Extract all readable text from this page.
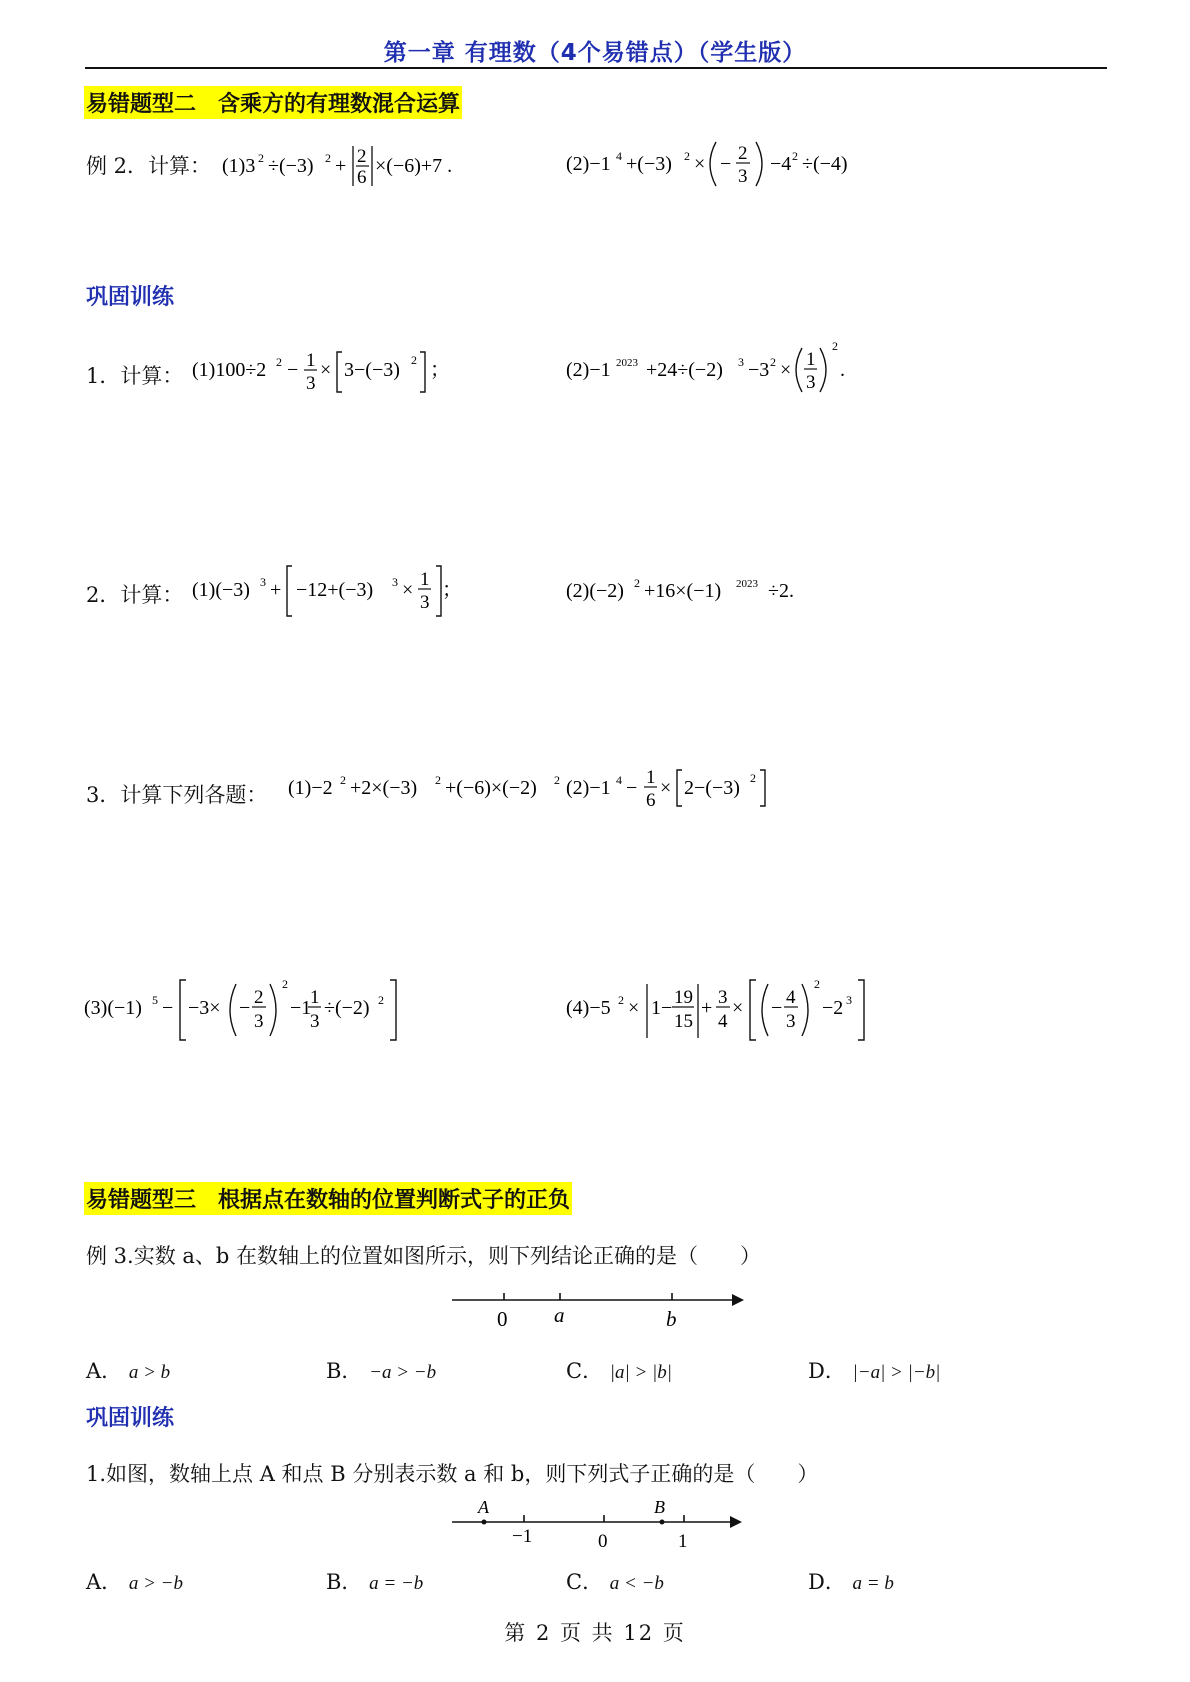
第一章 有理数（4个易错点）（学生版）
易错题型二　含乘方的有理数混合运算
例 2．计算： (1)3 2 ÷(−3) 2 + 2
6
×(−6)+7 .	(2)−1 4 +(−3) 2 × − 2
3
−4 2 ÷(−4)
巩固训练
1．计算： (1)100÷2 2 − 1
3
× 3−(−3) 2 ；	(2)−1 2023 +24÷(−2) 3 −3 2 × 1
3
2
.
2．计算： (1)(−3) 3 + −12+(−3) 3 × 1
3
；	(2)(−2) 2 +16×(−1) 2023 ÷2.
3．计算下列各题： (1)−2 2 +2×(−3) 2 +(−6)×(−2) 2 (2)−1 4 − 1
6
× 2−(−3) 2
(3)(−1) 5 − −3× − 2
3
2
−1
1
3
÷(−2) 2	(4)−5 2 × 1− 19
15
+ 3
4
× − 4
3
2
−2 3
易错题型三　根据点在数轴的位置判断式子的正负
例 3.实数 a、b 在数轴上的位置如图所示，则下列结论正确的是（　　）
0 a	b
A． a > b	B． −a > −b	C． |a| > |b|	D． |−a| > |−b|
巩固训练
1.如图，数轴上点 A 和点 B 分别表示数 a 和 b，则下列式子正确的是（　　）
A	B
−1	0	1
A． a > −b	B． a = −b	C． a < −b	D． a = b
第 2 页 共 12 页
